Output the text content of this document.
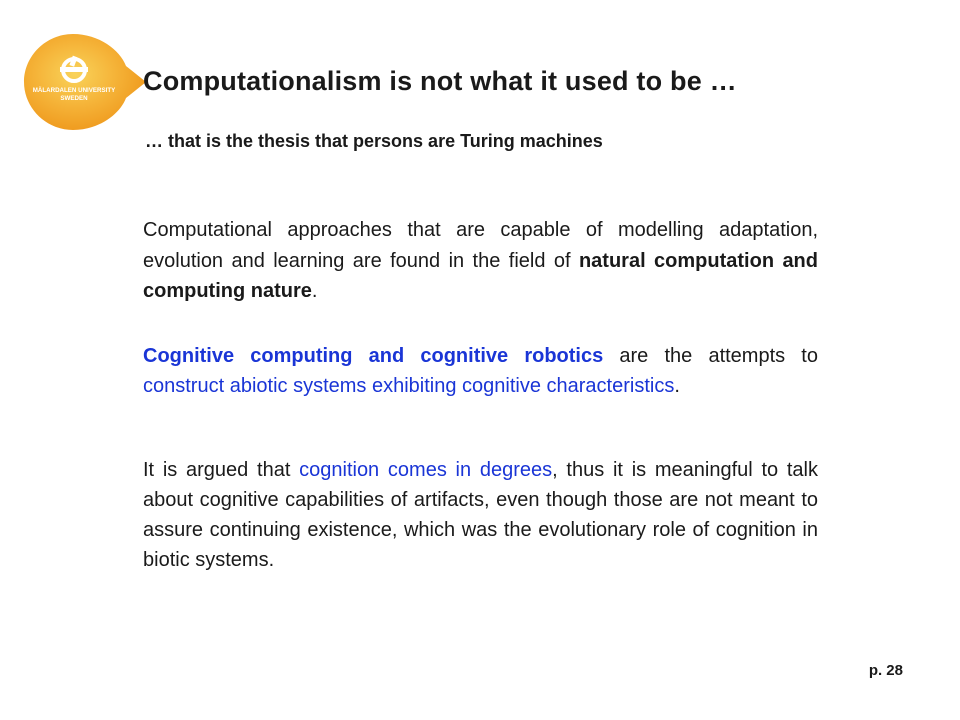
MÄLARDALEN UNIVERSITY
SWEDEN
Computationalism is not what it used to be …
… that is the thesis that persons are Turing machines

Computational approaches that are capable of modelling adaptation, evolution and learning are found in the field of natural computation and computing nature.

Cognitive computing and cognitive robotics are the attempts to construct abiotic systems exhibiting cognitive characteristics.

It is argued that cognition comes in degrees, thus it is meaningful to talk about cognitive capabilities of artifacts, even though those are not meant to assure continuing existence, which was the evolutionary role of cognition in biotic systems.

p. 28
